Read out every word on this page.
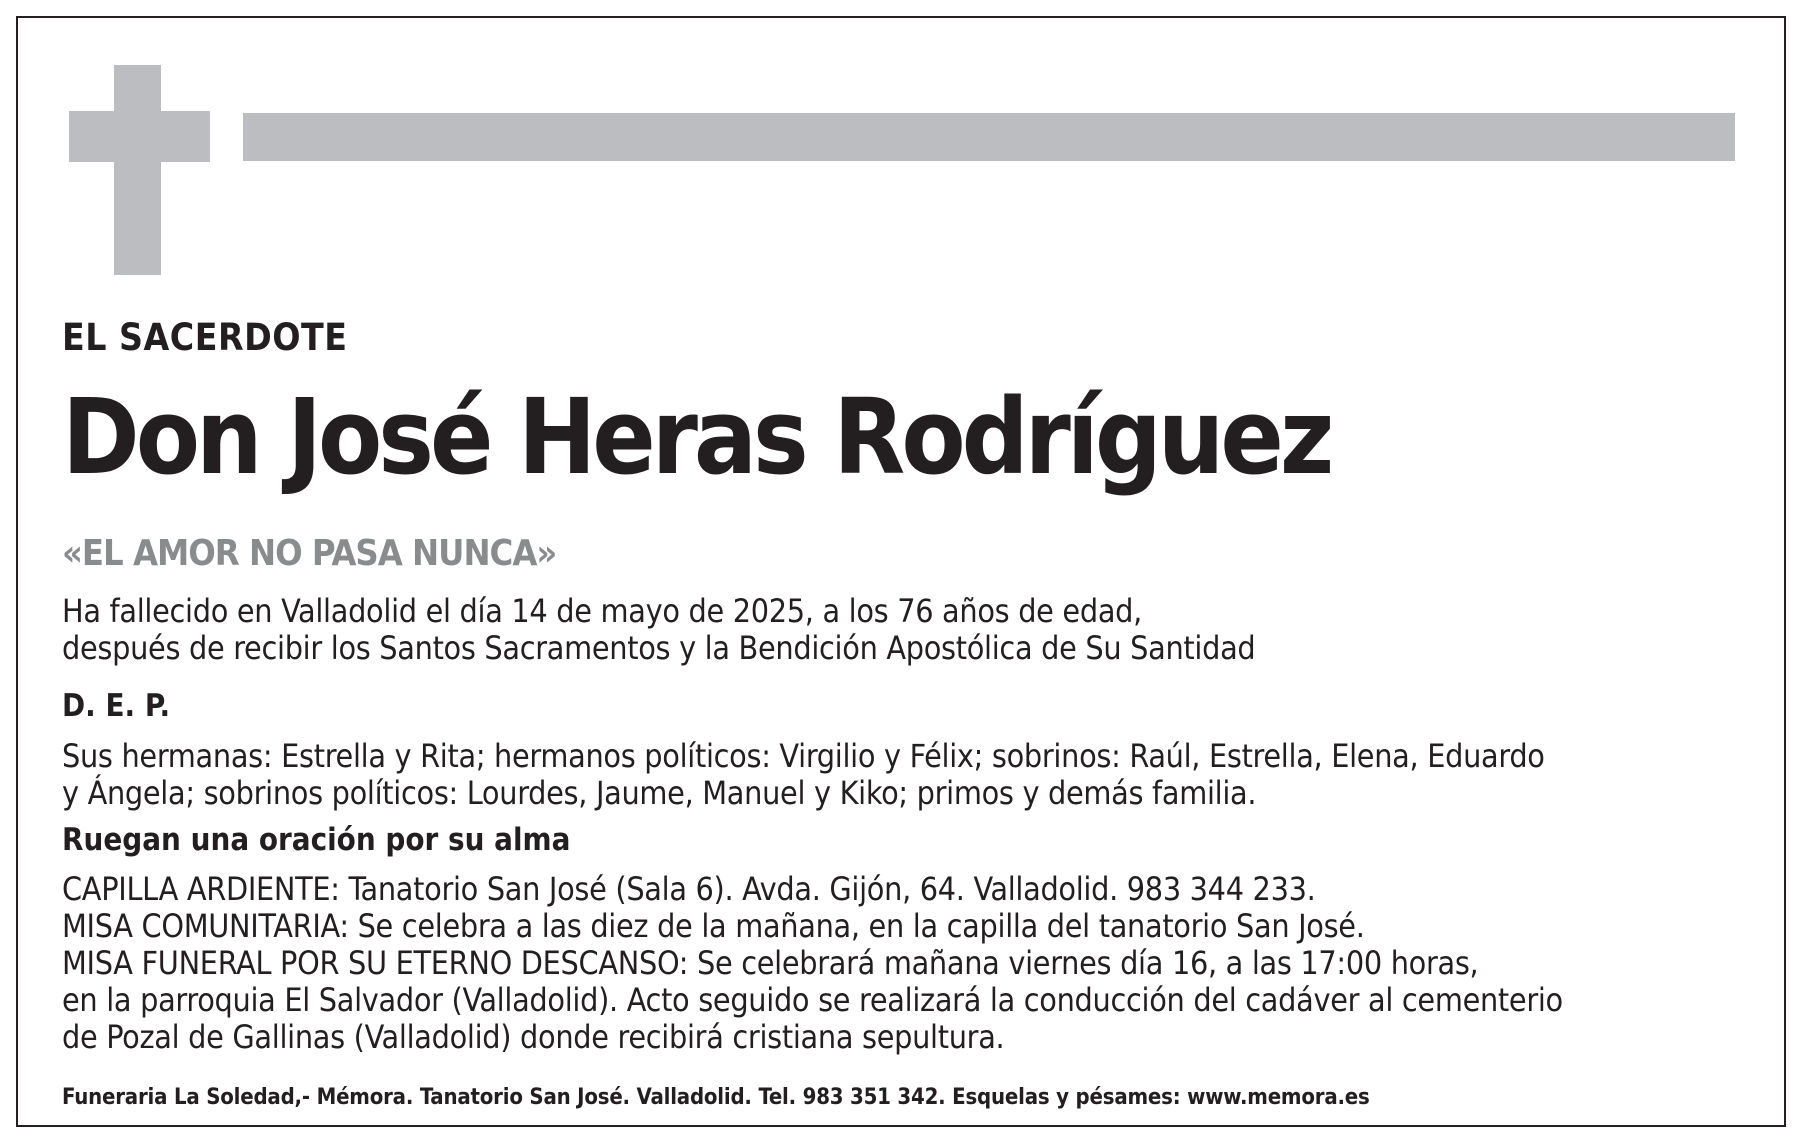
EL SACERDOTE
Don José Heras Rodríguez
«EL AMOR NO PASA NUNCA»
Ha fallecido en Valladolid el día 14 de mayo de 2025, a los 76 años de edad,
después de recibir los Santos Sacramentos y la Bendición Apostólica de Su Santidad
D. E. P.
Sus hermanas: Estrella y Rita; hermanos políticos: Virgilio y Félix; sobrinos: Raúl, Estrella, Elena, Eduardo
y Ángela; sobrinos políticos: Lourdes, Jaume, Manuel y Kiko; primos y demás familia.
Ruegan una oración por su alma
CAPILLA ARDIENTE: Tanatorio San José (Sala 6). Avda. Gijón, 64. Valladolid. 983 344 233.
MISA COMUNITARIA: Se celebra a las diez de la mañana, en la capilla del tanatorio San José.
MISA FUNERAL POR SU ETERNO DESCANSO: Se celebrará mañana viernes día 16, a las 17:00 horas,
en la parroquia El Salvador (Valladolid). Acto seguido se realizará la conducción del cadáver al cementerio
de Pozal de Gallinas (Valladolid) donde recibirá cristiana sepultura.
Funeraria La Soledad,- Mémora. Tanatorio San José. Valladolid. Tel. 983 351 342. Esquelas y pésames: www.memora.es
